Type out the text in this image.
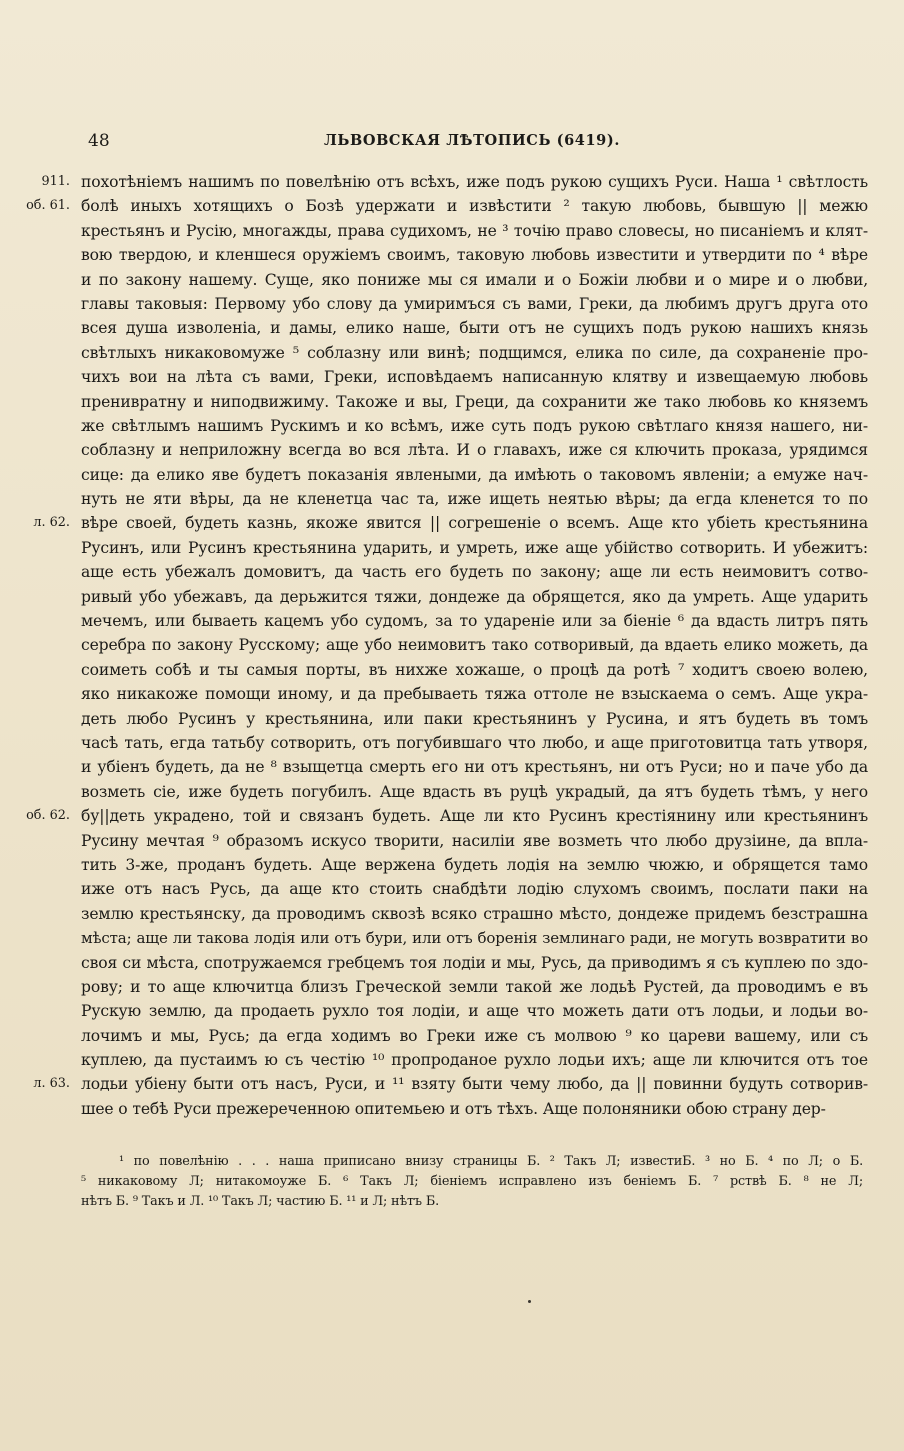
48	ЛЬВОВСКАЯ ЛѢТОПИСЬ (6419).
911. похотѣніемъ нашимъ по повелѣнію отъ всѣхъ, иже подъ рукою сущихъ Руси. Наша ¹ свѣтлость
об. 61. болѣ иныхъ хотящихъ о Бозѣ удержати и извѣстити ² такую любовь, бывшую || межю
крестьянъ и Русію, многажды, права судихомъ, не ³ точію право словесы, но писаніемъ и клят-
вою твердою, и кленшеся оружіемъ своимъ, таковую любовь известити и утвердити по ⁴ вѣре
и по закону нашему. Суще, яко пониже мы ся имали и о Божіи любви и о мире и о любви,
главы таковыя: Первому убо слову да умиримъся съ вами, Греки, да любимъ другъ друга ото
всея душа изволеніа, и дамы, елико наше, быти отъ не сущихъ подъ рукою нашихъ князь
свѣтлыхъ никаковомуже ⁵ соблазну или винѣ; подщимся, елика по силе, да сохраненіе про-
чихъ вои на лѣта съ вами, Греки, исповѣдаемъ написанную клятву и извещаемую любовь
пренивратну и ниподвижиму. Такоже и вы, Греци, да сохранити же тако любовь ко княземъ
же свѣтлымъ нашимъ Рускимъ и ко всѣмъ, иже суть подъ рукою свѣтлаго князя нашего, ни-
соблазну и неприложну всегда во вся лѣта. И о главахъ, иже ся ключить проказа, урядимся
сице: да елико яве будетъ показанія явлеными, да имѣють о таковомъ явленіи; а емуже нач-
нуть не яти вѣры, да не кленетца час та, иже ищеть неятью вѣры; да егда кленется то по
л. 62. вѣре своей, будеть казнь, якоже явится || согрешеніе о всемъ. Аще кто убіеть крестьянина
Русинъ, или Русинъ крестьянина ударить, и умреть, иже аще убійство сотворить. И убежитъ:
аще есть убежалъ домовитъ, да часть его будеть по закону; аще ли есть неимовитъ сотво-
ривый убо убежавъ, да дерьжится тяжи, дондеже да обрящется, яко да умреть. Аще ударить
мечемъ, или бываеть кацемъ убо судомъ, за то удареніе или за біеніе ⁶ да вдасть литръ пять
серебра по закону Русскому; аще убо неимовитъ тако сотворивый, да вдаеть елико можеть, да
соиметь собѣ и ты самыя порты, въ нихже хожаше, о процѣ да ротѣ ⁷ ходитъ своею волею,
яко никакоже помощи иному, и да пребываеть тяжа оттоле не взыскаема о семъ. Аще укра-
деть любо Русинъ у крестьянина, или паки крестьянинъ у Русина, и ятъ будеть въ томъ
часѣ тать, егда татьбу сотворить, отъ погубившаго что любо, и аще приготовитца тать утворя,
и убіенъ будеть, да не ⁸ взыщетца смерть его ни отъ крестьянъ, ни отъ Руси; но и паче убо да
возметь сіе, иже будеть погубилъ. Аще вдасть въ руцѣ украдый, да ятъ будеть тѣмъ, у него
об. 62. бу||деть украдено, той и связанъ будеть. Аще ли кто Русинъ крестіянину или крестьянинъ
Русину мечтая ⁹ образомъ искусо творити, насиліи яве возметь что любо друзіине, да впла-
тить 3-же, проданъ будеть. Аще вержена будеть лодія на землю чюжю, и обрящется тамо
иже отъ насъ Русь, да аще кто стоить снабдѣти лодію слухомъ своимъ, послати паки на
землю крестьянску, да проводимъ сквозѣ всяко страшно мѣсто, дондеже придемъ безстрашна
мѣста; аще ли такова лодія или отъ бури, или отъ боренія землинаго ради, не могуть возвратити во
своя си мѣста, спотружаемся гребцемъ тоя лодіи и мы, Русь, да приводимъ я съ куплею по здо-
рову; и то аще ключитца близъ Греческой земли такой же лодьѣ Рустей, да проводимъ е въ
Рускую землю, да продаеть рухло тоя лодіи, и аще что можеть дати отъ лодьи, и лодьи во-
лочимъ и мы, Русь; да егда ходимъ во Греки иже съ молвою ⁹ ко цареви вашему, или съ
куплею, да пустаимъ ю съ честію ¹⁰ пропроданое рухло лодьи ихъ; аще ли ключится отъ тое
л. 63. лодьи убіену быти отъ насъ, Руси, и ¹¹ взяту быти чему любо, да || повинни будуть сотворив-
шее о тебѣ Руси прежереченною опитемьею и отъ тѣхъ. Аще полоняники обою страну дер-
¹ по повелѣнію . . . наша приписано внизу страницы Б. ² Такъ Л; известиБ. ³ но Б. ⁴ по Л; о Б.
⁵ никаковому Л; нитакомоуже Б. ⁶ Такъ Л; біеніемъ исправлено изъ беніемъ Б. ⁷ рствѣ Б. ⁸ не Л;
нѣтъ Б. ⁹ Такъ и Л. ¹⁰ Такъ Л; частию Б. ¹¹ и Л; нѣтъ Б.
